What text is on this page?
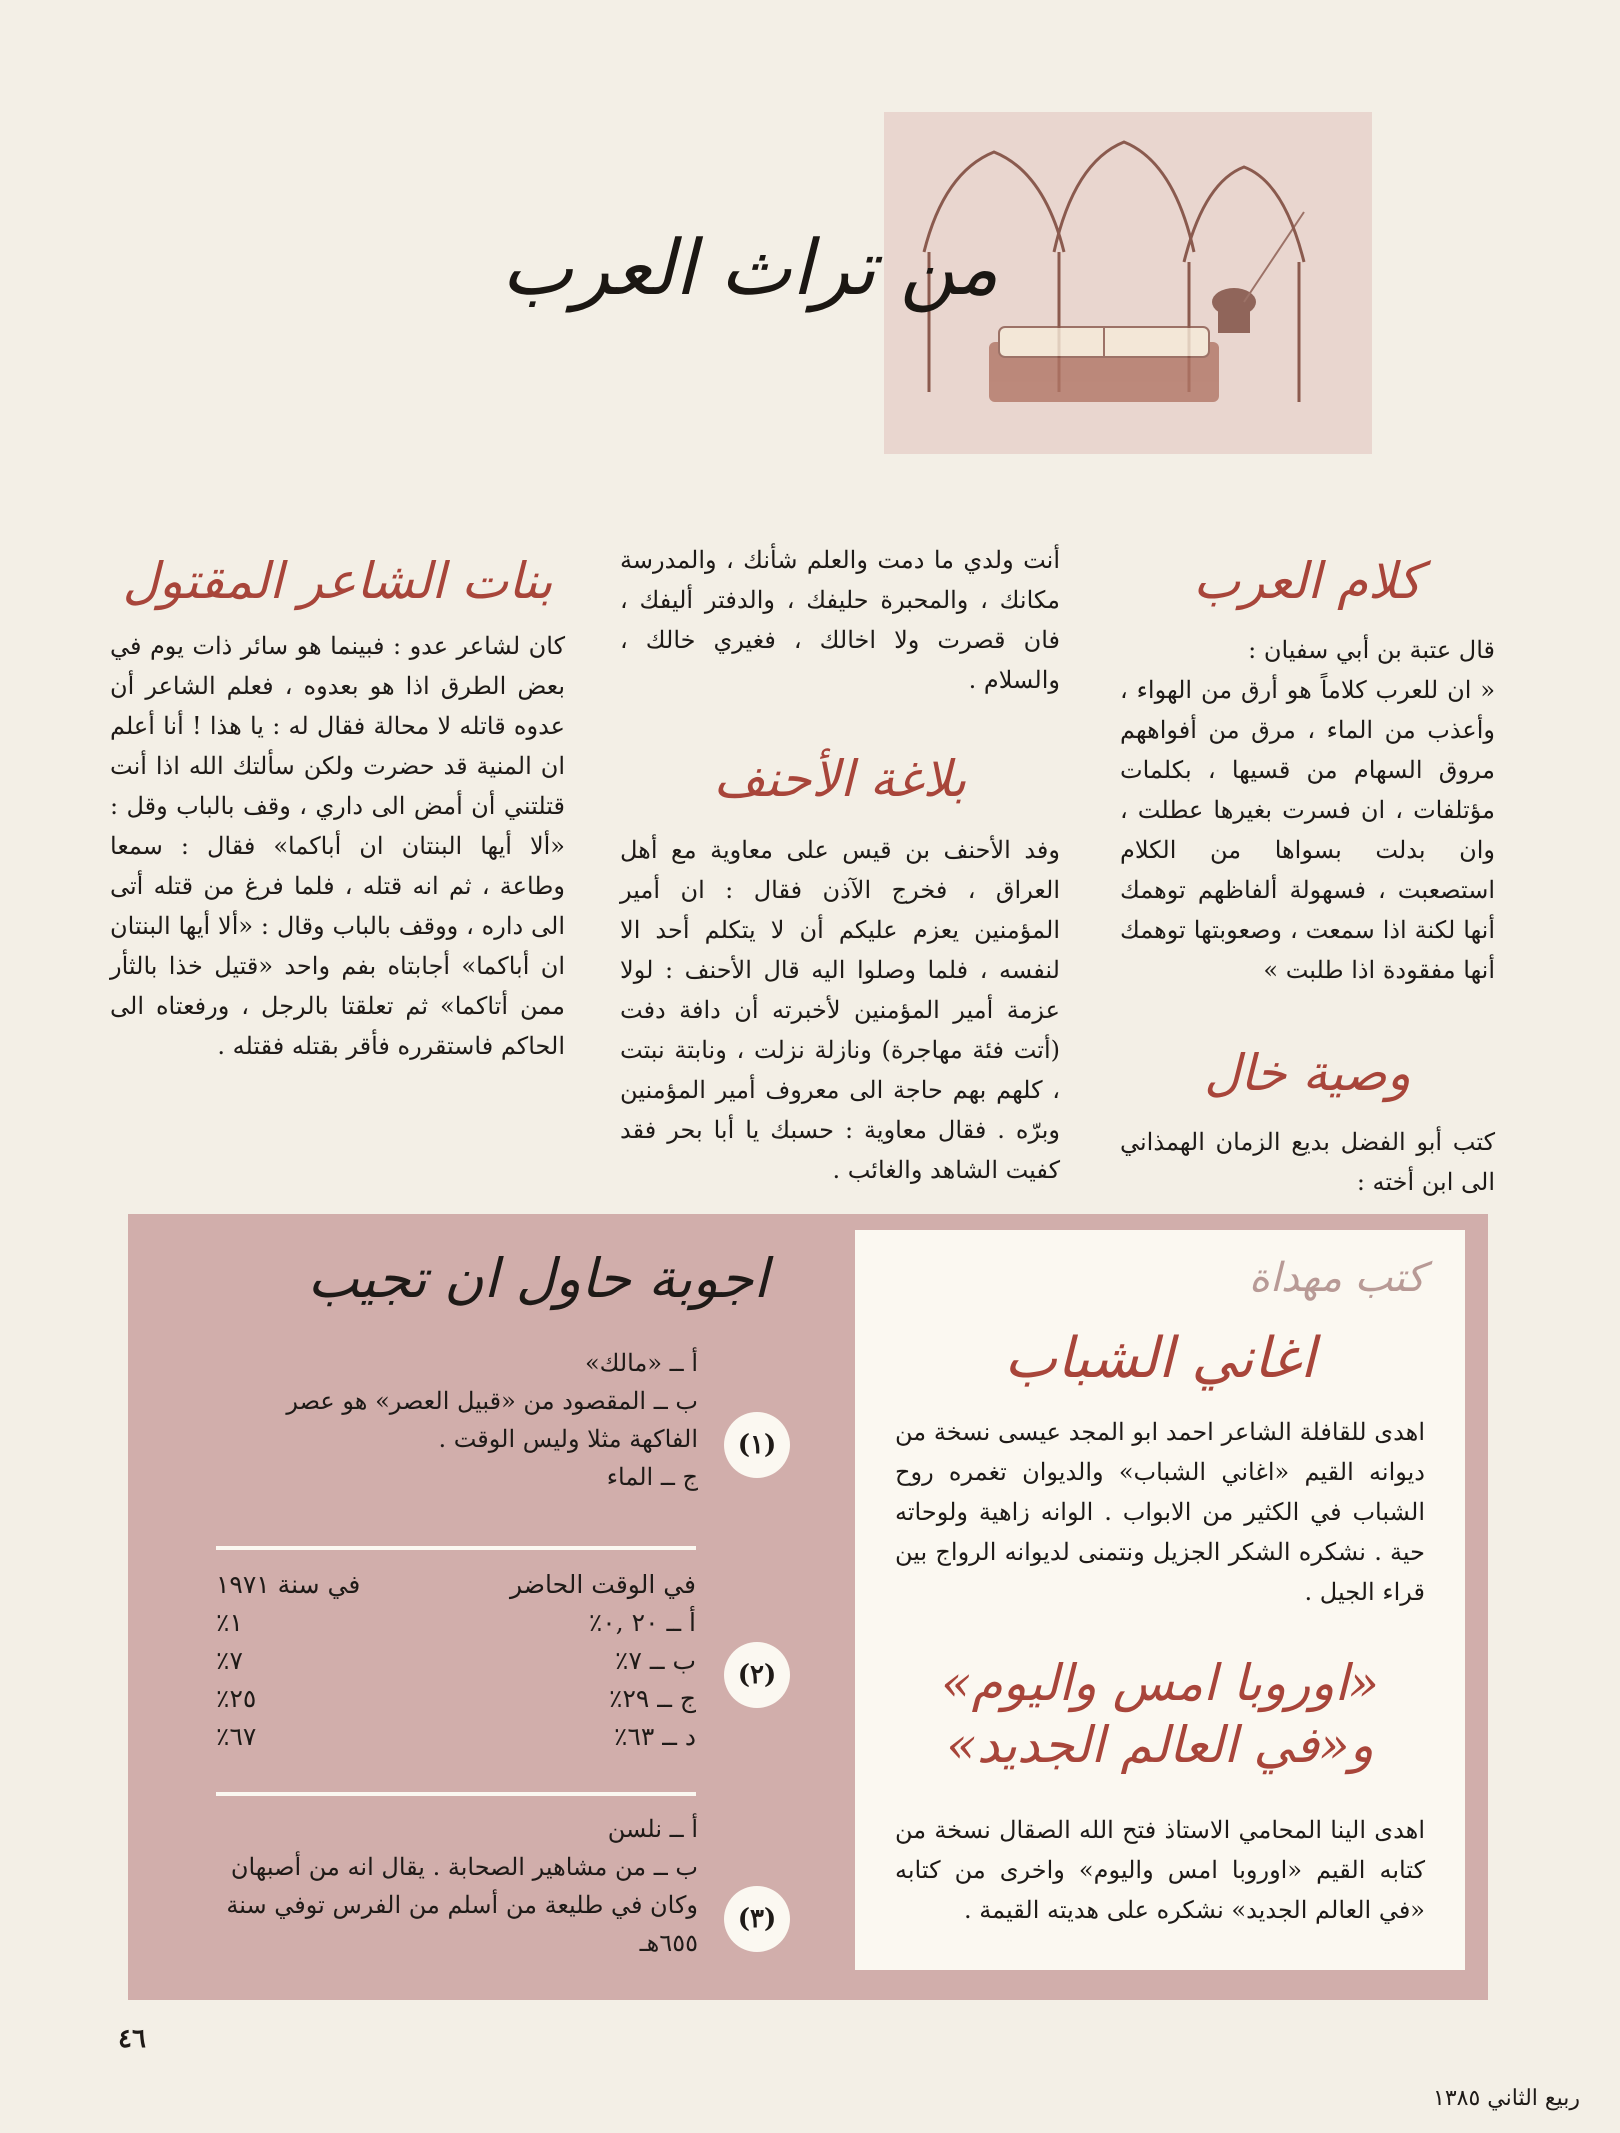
من تراث العرب
كلام العرب
قال عتبة بن أبي سفيان :
« ان للعرب كلاماً هو أرق من الهواء ، وأعذب من الماء ، مرق من أفواههم مروق السهام من قسيها ، بكلمات مؤتلفات ، ان فسرت بغيرها عطلت ، وان بدلت بسواها من الكلام استصعبت ، فسهولة ألفاظهم توهمك أنها لكنة اذا سمعت ، وصعوبتها توهمك أنها مفقودة اذا طلبت »
وصية خال
كتب أبو الفضل بديع الزمان الهمذاني الى ابن أخته :
أنت ولدي ما دمت والعلم شأنك ، والمدرسة مكانك ، والمحبرة حليفك ، والدفتر أليفك ، فان قصرت ولا اخالك ، فغيري خالك ، والسلام .
بلاغة الأحنف
وفد الأحنف بن قيس على معاوية مع أهل العراق ، فخرج الآذن فقال : ان أمير المؤمنين يعزم عليكم أن لا يتكلم أحد الا لنفسه ، فلما وصلوا اليه قال الأحنف : لولا عزمة أمير المؤمنين لأخبرته أن دافة دفت (أتت فئة مهاجرة) ونازلة نزلت ، ونابتة نبتت ، كلهم بهم حاجة الى معروف أمير المؤمنين وبرّه . فقال معاوية : حسبك يا أبا بحر فقد كفيت الشاهد والغائب .
بنات الشاعر المقتول
كان لشاعر عدو : فبينما هو سائر ذات يوم في بعض الطرق اذا هو بعدوه ، فعلم الشاعر أن عدوه قاتله لا محالة فقال له : يا هذا ! أنا أعلم ان المنية قد حضرت ولكن سألتك الله اذا أنت قتلتني أن أمض الى داري ، وقف بالباب وقل : «ألا أيها البنتان ان أباكما» فقال : سمعا وطاعة ، ثم انه قتله ، فلما فرغ من قتله أتى الى داره ، ووقف بالباب وقال : «ألا أيها البنتان ان أباكما» أجابتاه بفم واحد «قتيل خذا بالثأر ممن أتاكما» ثم تعلقتا بالرجل ، ورفعتاه الى الحاكم فاستقرره فأقر بقتله فقتله .
اجوبة حاول ان تجيب
(١)
أ ــ «مالك»
ب ــ المقصود من «قبيل العصر» هو عصر الفاكهة مثلا وليس الوقت .
ج ــ الماء
(٢)
في الوقت الحاضر
في سنة ١٩٧١
أ ــ ٢٠ ,٠٪
١٪
ب ــ ٧٪
٧٪
ج ــ ٢٩٪
٢٥٪
د ــ ٦٣٪
٦٧٪
(٣)
أ ــ نلسن
ب ــ من مشاهير الصحابة . يقال انه من أصبهان وكان في طليعة من أسلم من الفرس توفي سنة ٦٥٥هـ
كتب مهداة
اغاني الشباب
اهدى للقافلة الشاعر احمد ابو المجد عيسى نسخة من ديوانه القيم «اغاني الشباب» والديوان تغمره روح الشباب في الكثير من الابواب . الوانه زاهية ولوحاته حية . نشكره الشكر الجزيل ونتمنى لديوانه الرواج بين قراء الجيل .
«اوروبا امس واليوم»
و«في العالم الجديد»
اهدى الينا المحامي الاستاذ فتح الله الصقال نسخة من كتابه القيم «اوروبا امس واليوم» واخرى من كتابه «في العالم الجديد» نشكره على هديته القيمة .
٤٦
ربيع الثاني ١٣٨٥
